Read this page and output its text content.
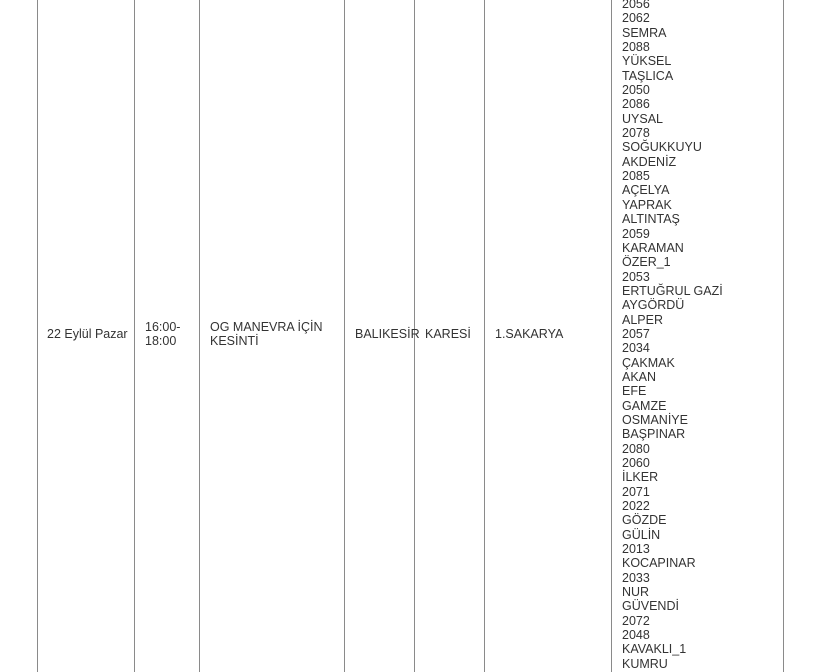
22 Eylül Pazar 16:00-
18:00
OG MANEVRA İÇİN
KESİNTİ	BALIKESİR KARESİ 1.SAKARYA
2056
2062
SEMRA
2088
YÜKSEL
TAŞLICA
2050
2086
UYSAL
2078
SOĞUKKUYU
AKDENİZ
2085
AÇELYA
YAPRAK
ALTINTAŞ
2059
KARAMAN
ÖZER_1
2053
ERTUĞRUL GAZİ
AYGÖRDÜ
ALPER
2057
2034
ÇAKMAK
AKAN
EFE
GAMZE
OSMANİYE
BAŞPINAR
2080
2060
İLKER
2071
2022
GÖZDE
GÜLİN
2013
KOCAPINAR
2033
NUR
GÜVENDİ
2072
2048
KAVAKLI_1
KUMRU
